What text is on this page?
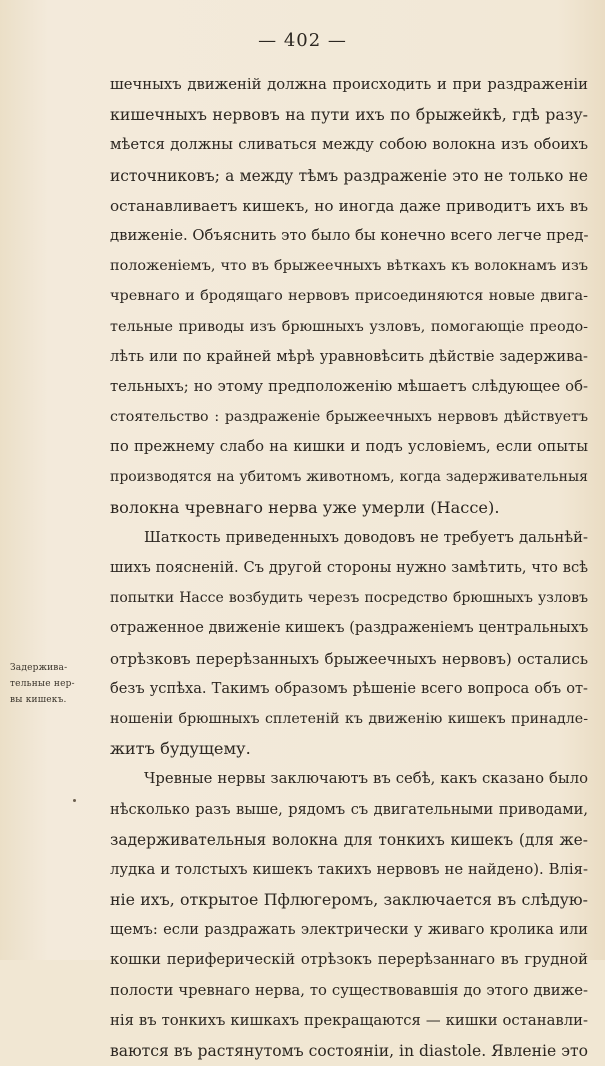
— 402 —
Задержива-
тельные нер-
вы кишекъ.
шечныхъ движенiй должна происходить и при раздраженiи
кишечныхъ нервовъ на пути ихъ по брыжейкѣ, гдѣ разу-
мѣется должны сливаться между собою волокна изъ обоихъ
источниковъ; а между тѣмъ раздраженiе это не только не
останавливаетъ кишекъ, но иногда даже приводитъ ихъ въ
движенiе. Объяснить это было бы конечно всего легче пред-
положенiемъ, что въ брыжеечныхъ вѣткахъ къ волокнамъ изъ
чревнаго и бродящаго нервовъ присоединяются новые двига-
тельные приводы изъ брюшныхъ узловъ, помогающiе преодо-
лѣть или по крайней мѣрѣ уравновѣсить дѣйствiе задержива-
тельныхъ; но этому предположенiю мѣшаетъ слѣдующее об-
стоятельство : раздраженiе брыжеечныхъ нервовъ дѣйствуетъ
по прежнему слабо на кишки и подъ условiемъ, если опыты
производятся на убитомъ животномъ, когда задерживательныя
волокна чревнаго нерва уже умерли (Нассе).
Шаткость приведенныхъ доводовъ не требуетъ дальнѣй-
шихъ поясненiй. Съ другой стороны нужно замѣтить, что всѣ
попытки Нассе возбудить черезъ посредство брюшныхъ узловъ
отраженное движенiе кишекъ (раздраженiемъ центральныхъ
отрѣзковъ перерѣзанныхъ брыжеечныхъ нервовъ) остались
безъ успѣха. Такимъ образомъ рѣшенiе всего вопроса объ от-
ношенiи брюшныхъ сплетенiй къ движенiю кишекъ принадле-
житъ будущему.
Чревные нервы заключаютъ въ себѣ, какъ сказано было
нѣсколько разъ выше, рядомъ съ двигательными приводами,
задерживательныя волокна для тонкихъ кишекъ (для же-
лудка и толстыхъ кишекъ такихъ нервовъ не найдено). Влiя-
нiе ихъ, открытое Пфлюгеромъ, заключается въ слѣдую-
щемъ: если раздражать электрически у живаго кролика или
кошки периферическiй отрѣзокъ перерѣзаннаго въ грудной
полости чревнаго нерва, то существовавшiя до этого движе-
нiя въ тонкихъ кишкахъ прекращаются — кишки останавли-
ваются въ растянутомъ состоянiи, in diastole. Явленiе это
